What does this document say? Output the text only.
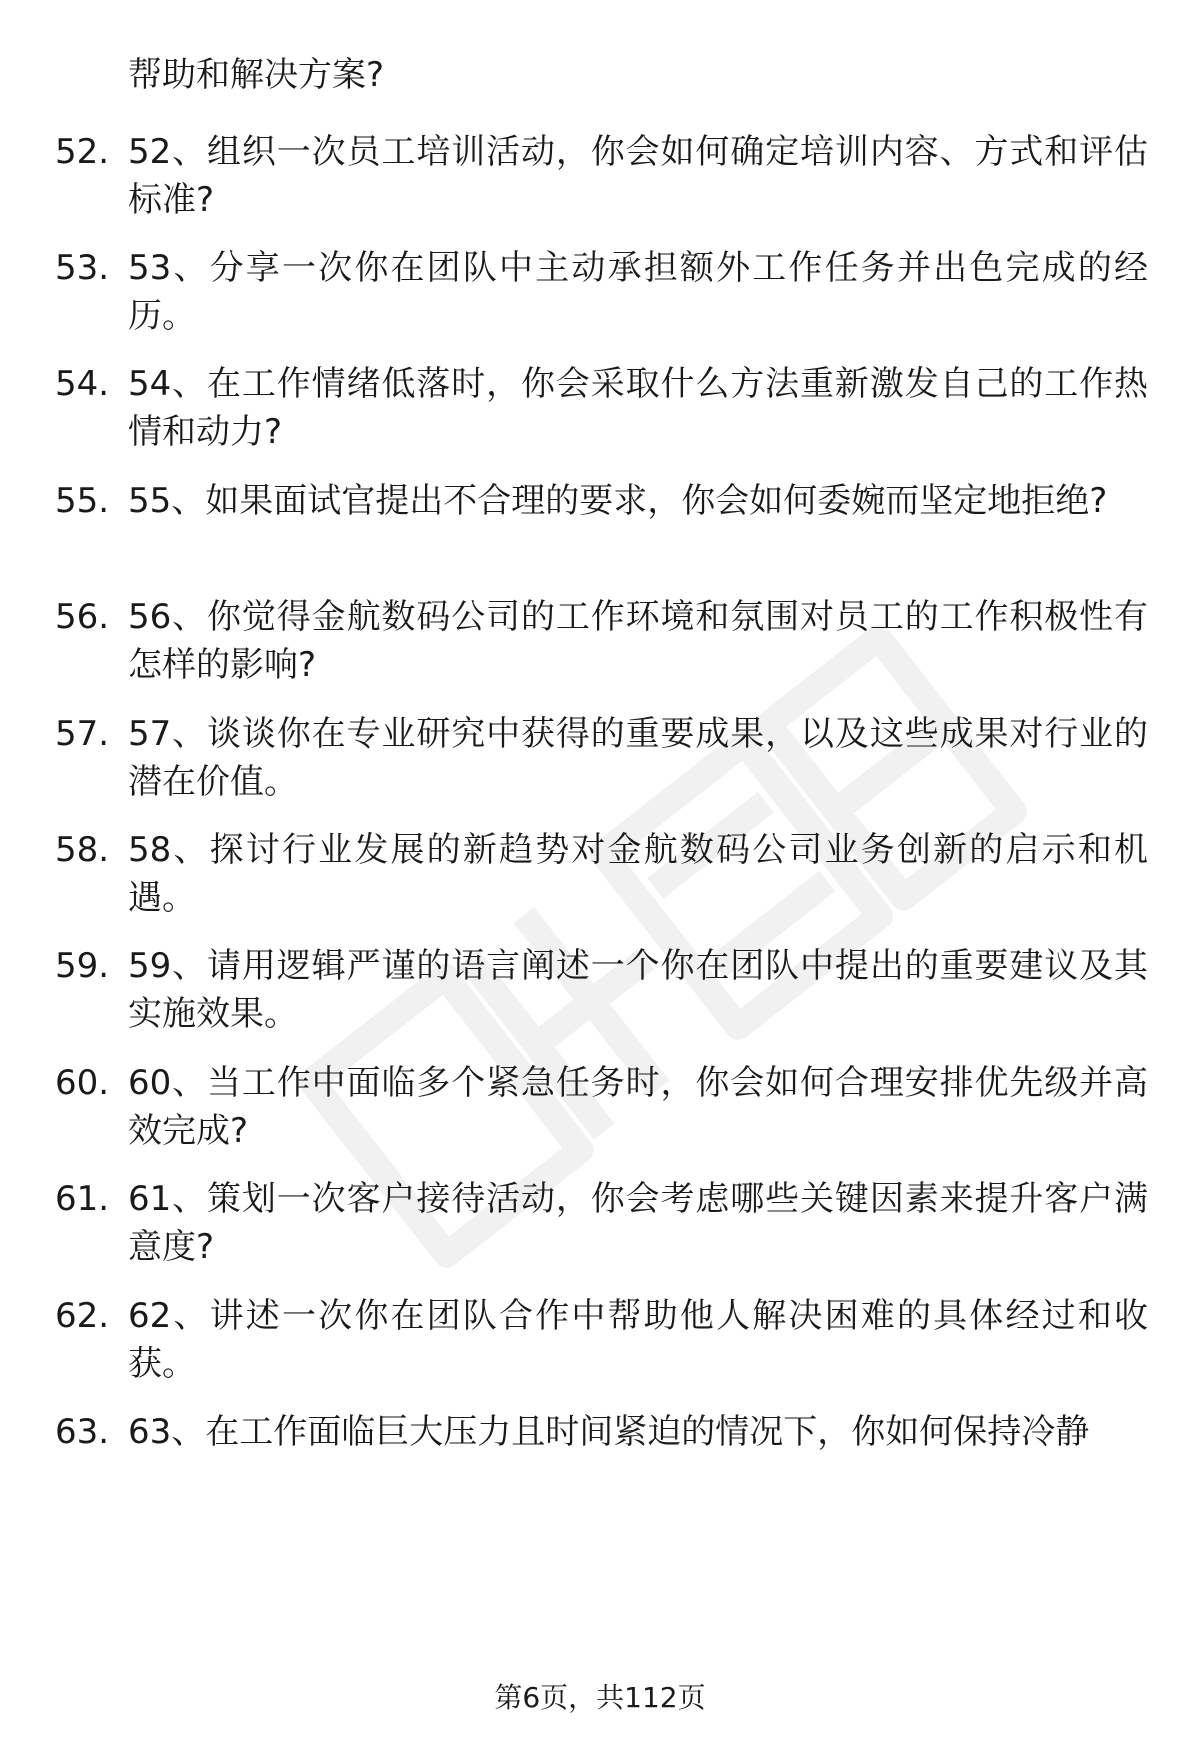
帮助和解决方案?
52. 52、组织一次员工培训活动，你会如何确定培训内容、方式和评估标准?
53. 53、分享一次你在团队中主动承担额外工作任务并出色完成的经历。
54. 54、在工作情绪低落时，你会采取什么方法重新激发自己的工作热情和动力?
55. 55、如果面试官提出不合理的要求，你会如何委婉而坚定地拒绝?
56. 56、你觉得金航数码公司的工作环境和氛围对员工的工作积极性有怎样的影响?
57. 57、谈谈你在专业研究中获得的重要成果，以及这些成果对行业的潜在价值。
58. 58、探讨行业发展的新趋势对金航数码公司业务创新的启示和机遇。
59. 59、请用逻辑严谨的语言阐述一个你在团队中提出的重要建议及其实施效果。
60. 60、当工作中面临多个紧急任务时，你会如何合理安排优先级并高效完成?
61. 61、策划一次客户接待活动，你会考虑哪些关键因素来提升客户满意度?
62. 62、讲述一次你在团队合作中帮助他人解决困难的具体经过和收获。
63. 63、在工作面临巨大压力且时间紧迫的情况下，你如何保持冷静
第6页，共112页
